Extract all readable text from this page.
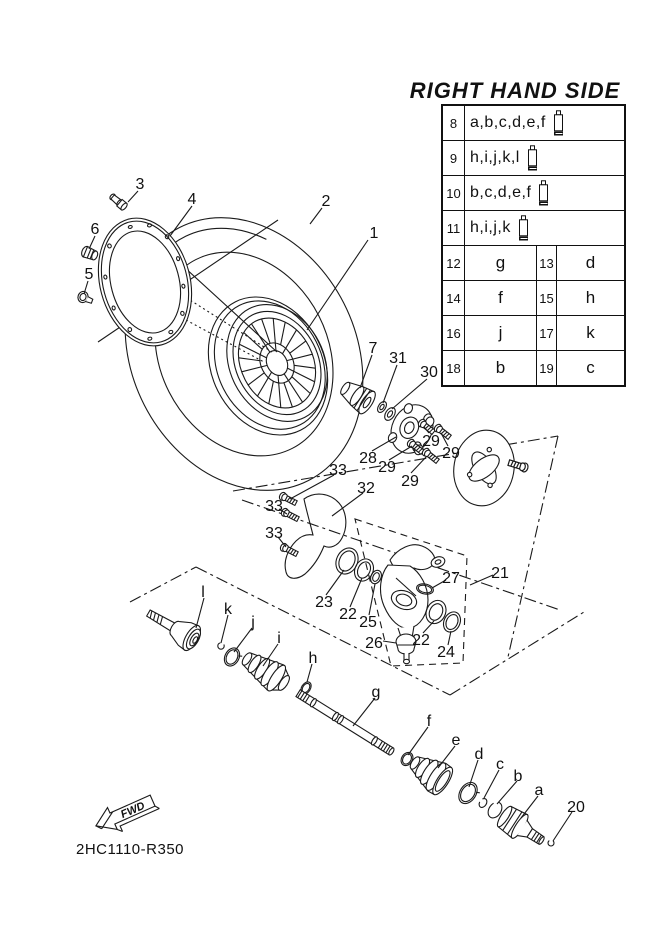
1
2
3
4
5
6
7
31
30
28
29
29
29
29
33
33
33
32
23
22 25
27 21
26 22
24
l
k
j
i
h
g
f
e
d
c
b
a
20
FWD
RIGHT HAND SIDE
8 a,b,c,d,e,f
9 h,i,j,k,l
10 b,c,d,e,f
11 h,i,j,k
12	g	13	d
14	f	15	h
16	j	17	k
18	b	19	c
2HC1110-R350
